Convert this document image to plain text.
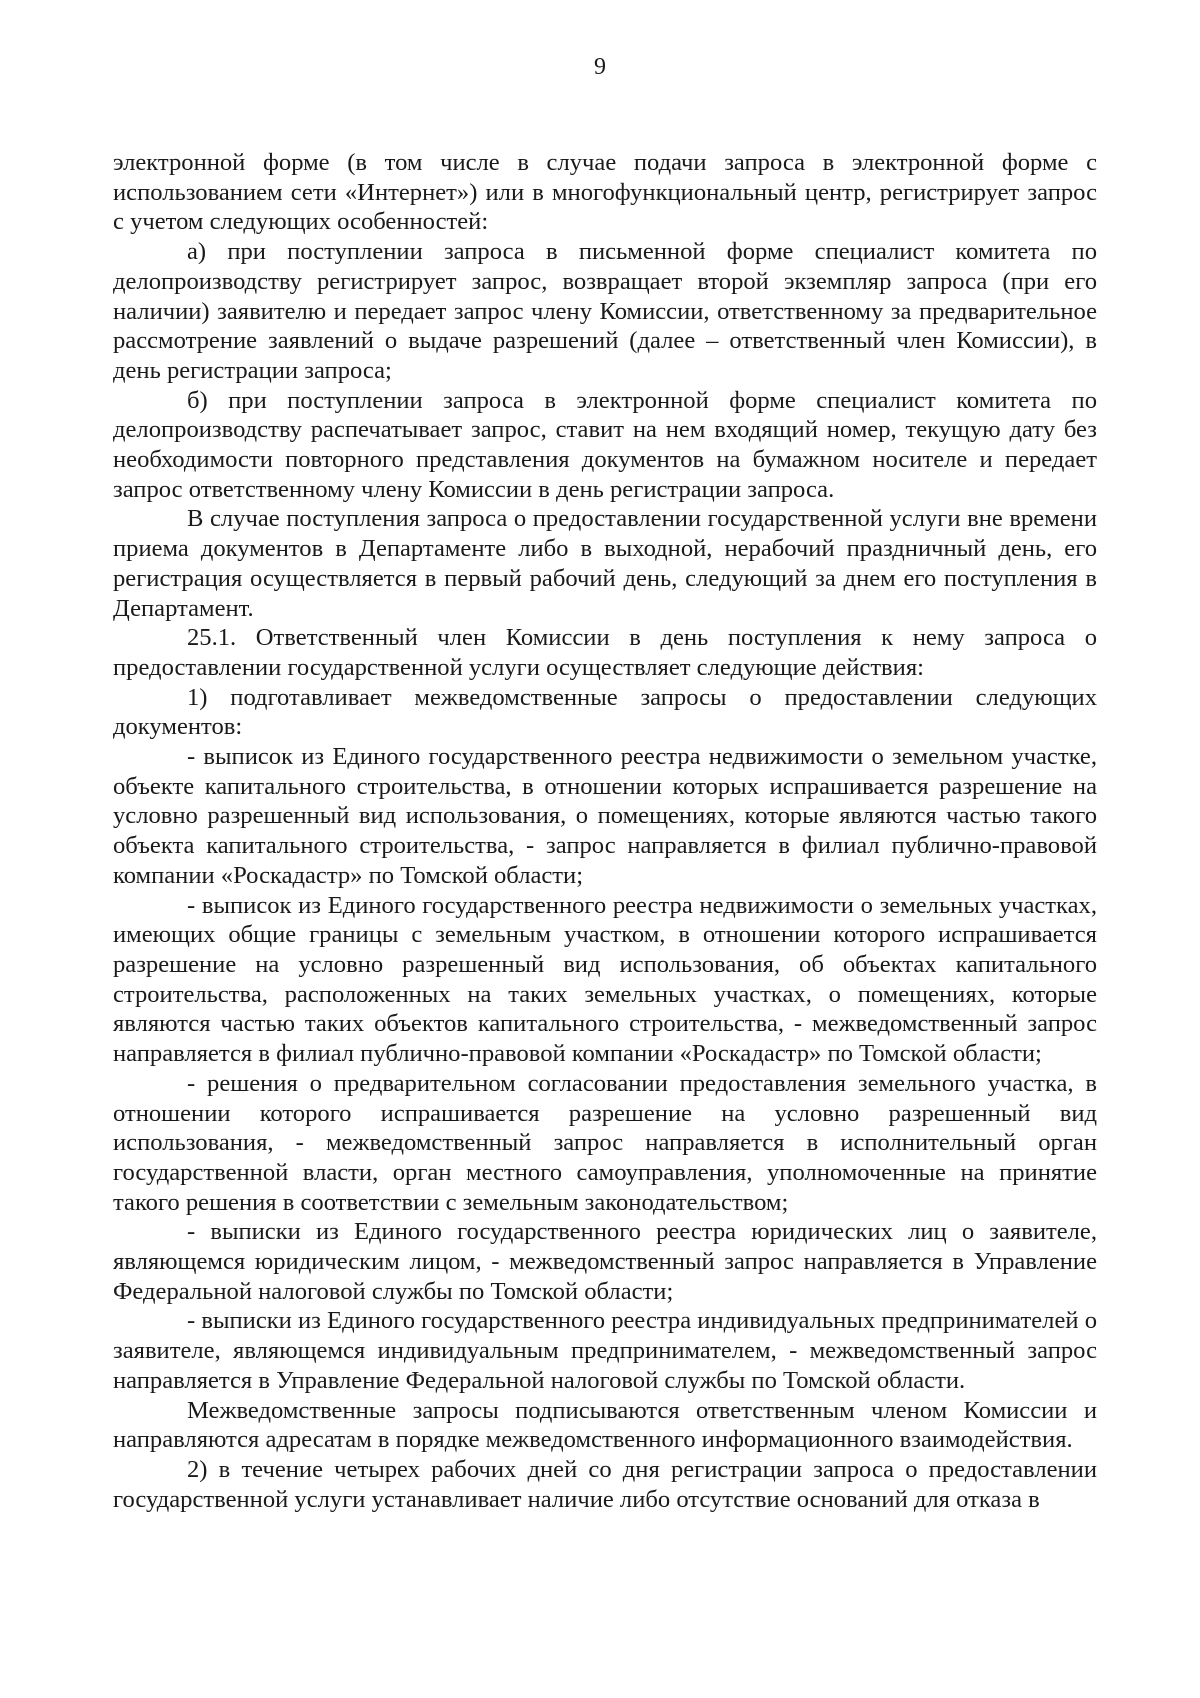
9

электронной форме (в том числе в случае подачи запроса в электронной форме с использованием сети «Интернет») или в многофункциональный центр, регистрирует запрос с учетом следующих особенностей:

а) при поступлении запроса в письменной форме специалист комитета по делопроизводству регистрирует запрос, возвращает второй экземпляр запроса (при его наличии) заявителю и передает запрос члену Комиссии, ответственному за предварительное рассмотрение заявлений о выдаче разрешений (далее – ответственный член Комиссии), в день регистрации запроса;

б) при поступлении запроса в электронной форме специалист комитета по делопроизводству распечатывает запрос, ставит на нем входящий номер, текущую дату без необходимости повторного представления документов на бумажном носителе и передает запрос ответственному члену Комиссии в день регистрации запроса.

В случае поступления запроса о предоставлении государственной услуги вне времени приема документов в Департаменте либо в выходной, нерабочий праздничный день, его регистрация осуществляется в первый рабочий день, следующий за днем его поступления в Департамент.

25.1. Ответственный член Комиссии в день поступления к нему запроса о предоставлении государственной услуги осуществляет следующие действия:

1) подготавливает межведомственные запросы о предоставлении следующих документов:

- выписок из Единого государственного реестра недвижимости о земельном участке, объекте капитального строительства, в отношении которых испрашивается разрешение на условно разрешенный вид использования, о помещениях, которые являются частью такого объекта капитального строительства, - запрос направляется в филиал публично-правовой компании «Роскадастр» по Томской области;

- выписок из Единого государственного реестра недвижимости о земельных участках, имеющих общие границы с земельным участком, в отношении которого испрашивается разрешение на условно разрешенный вид использования, об объектах капитального строительства, расположенных на таких земельных участках, о помещениях, которые являются частью таких объектов капитального строительства, - межведомственный запрос направляется в филиал публично-правовой компании «Роскадастр» по Томской области;

- решения о предварительном согласовании предоставления земельного участка, в отношении которого испрашивается разрешение на условно разрешенный вид использования, - межведомственный запрос направляется в исполнительный орган государственной власти, орган местного самоуправления, уполномоченные на принятие такого решения в соответствии с земельным законодательством;

- выписки из Единого государственного реестра юридических лиц о заявителе, являющемся юридическим лицом, - межведомственный запрос направляется в Управление Федеральной налоговой службы по Томской области;

- выписки из Единого государственного реестра индивидуальных предпринимателей о заявителе, являющемся индивидуальным предпринимателем, - межведомственный запрос направляется в Управление Федеральной налоговой службы по Томской области.

Межведомственные запросы подписываются ответственным членом Комиссии и направляются адресатам в порядке межведомственного информационного взаимодействия.

2) в течение четырех рабочих дней со дня регистрации запроса о предоставлении государственной услуги устанавливает наличие либо отсутствие оснований для отказа в
